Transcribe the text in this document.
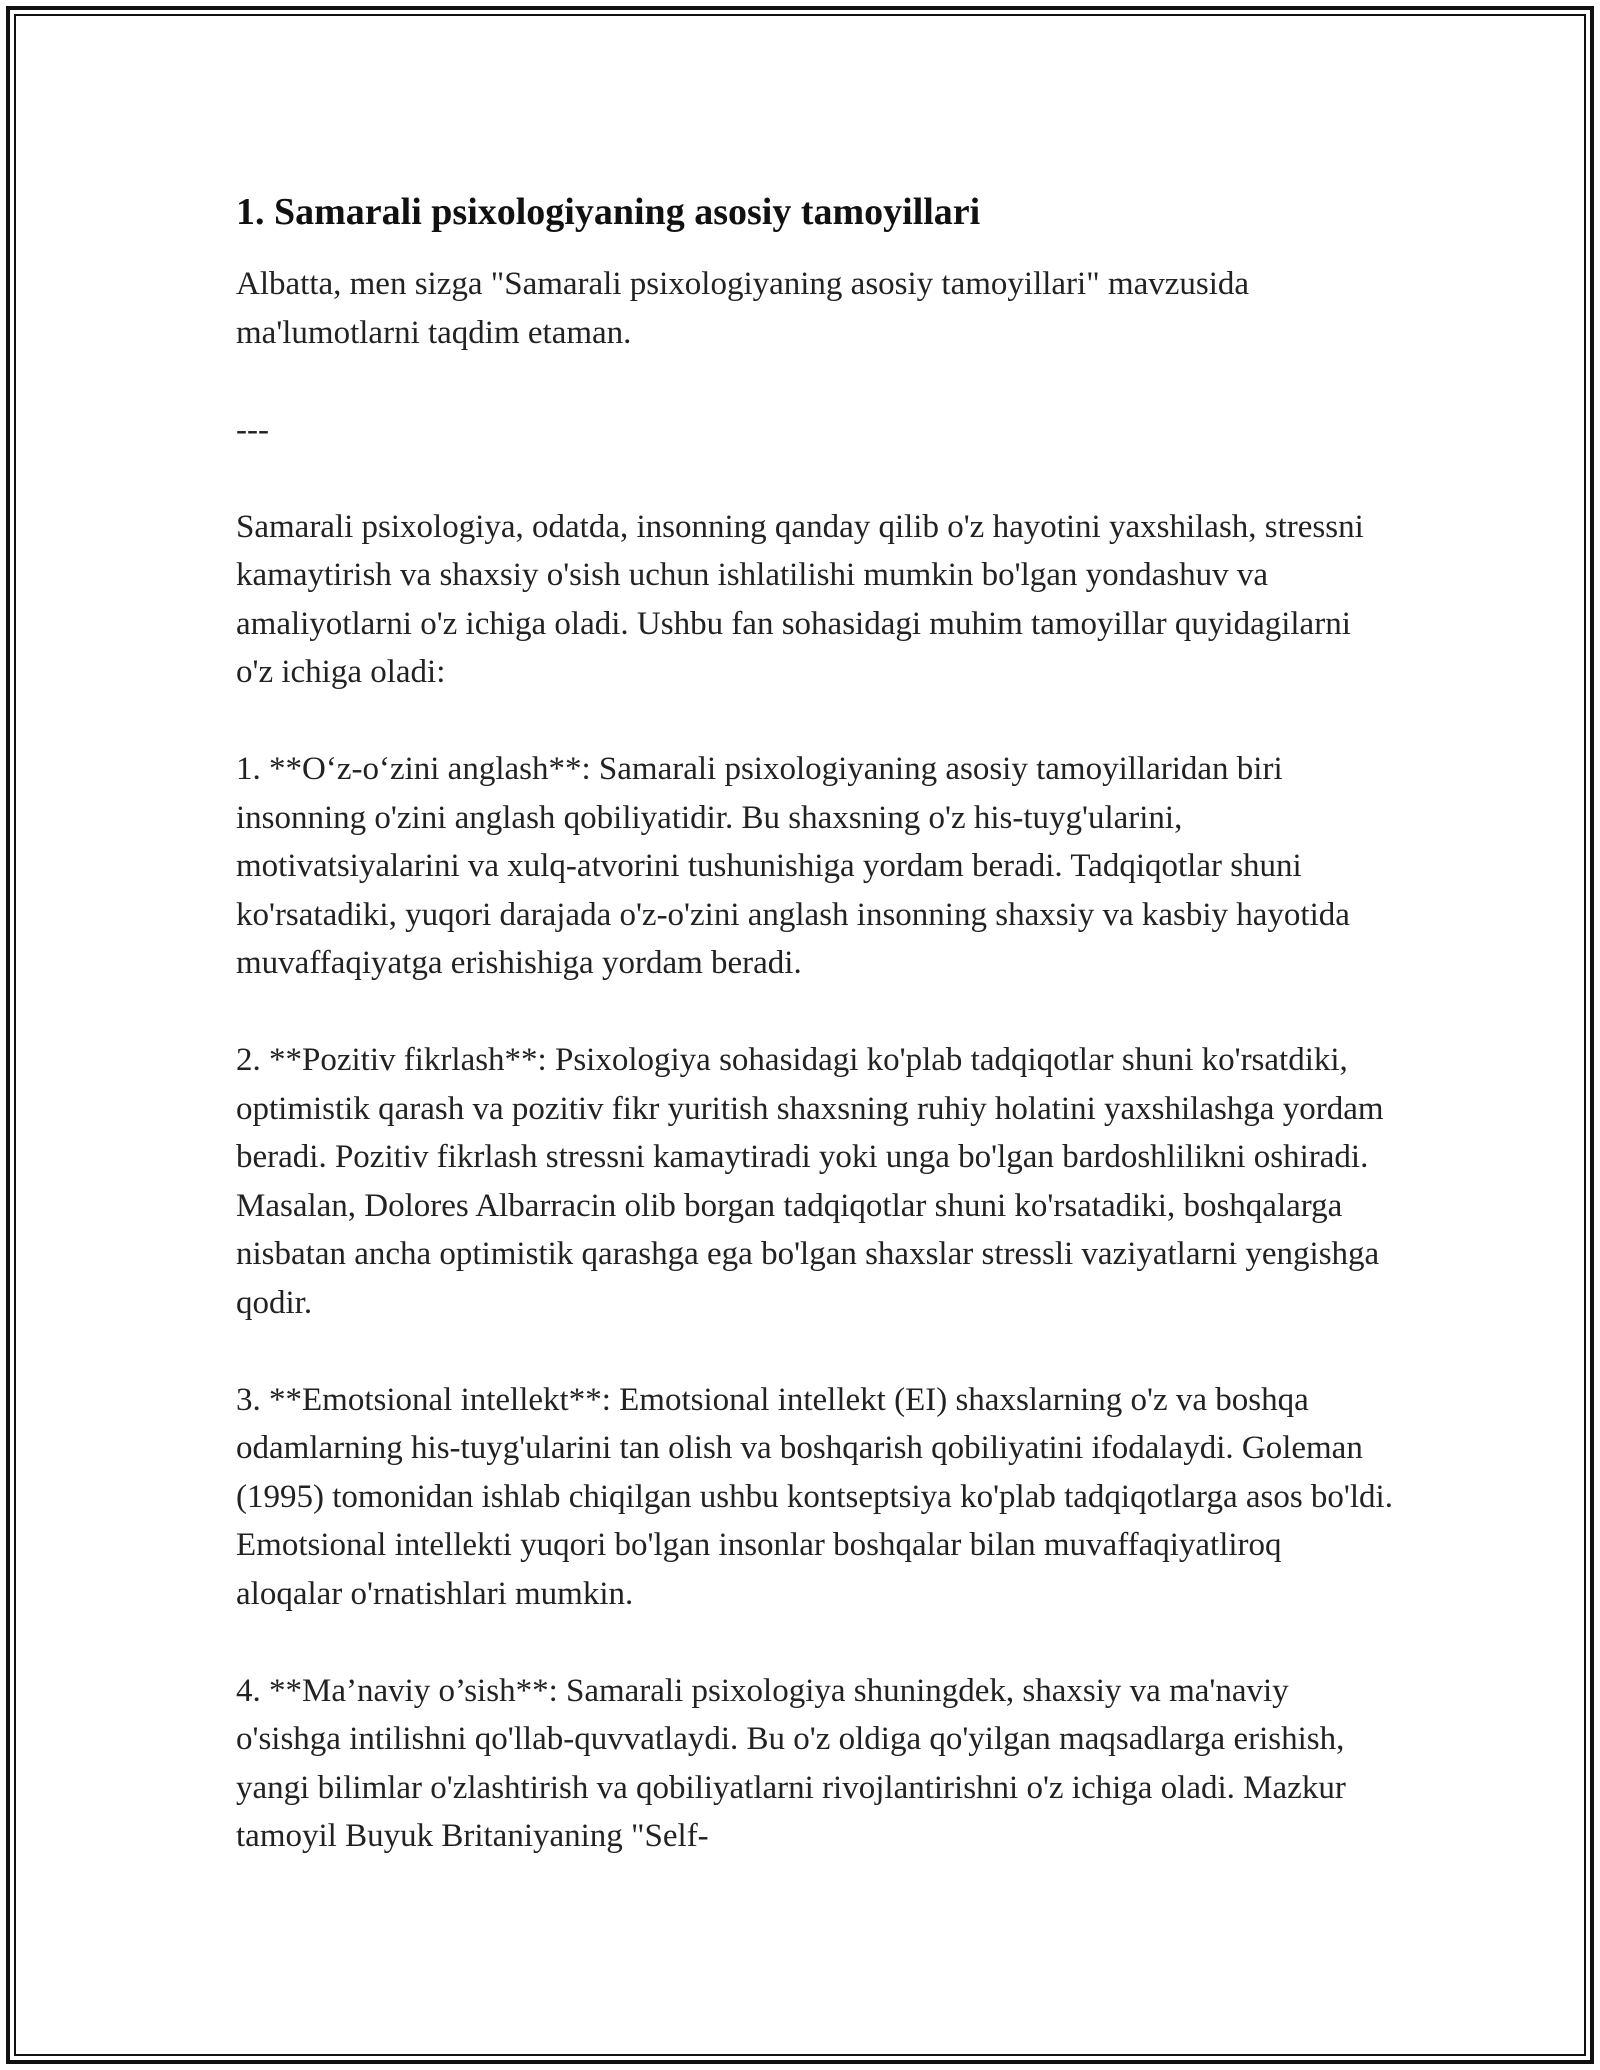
1. Samarali psixologiyaning asosiy tamoyillari

Albatta, men sizga "Samarali psixologiyaning asosiy tamoyillari" mavzusida ma'lumotlarni taqdim etaman.

---

Samarali psixologiya, odatda, insonning qanday qilib o'z hayotini yaxshilash, stressni kamaytirish va shaxsiy o'sish uchun ishlatilishi mumkin bo'lgan yondashuv va amaliyotlarni o'z ichiga oladi. Ushbu fan sohasidagi muhim tamoyillar quyidagilarni o'z ichiga oladi:

1. **O‘z-o‘zini anglash**: Samarali psixologiyaning asosiy tamoyillaridan biri insonning o'zini anglash qobiliyatidir. Bu shaxsning o'z his-tuyg'ularini, motivatsiyalarini va xulq-atvorini tushunishiga yordam beradi. Tadqiqotlar shuni ko'rsatadiki, yuqori darajada o'z-o'zini anglash insonning shaxsiy va kasbiy hayotida muvaffaqiyatga erishishiga yordam beradi.

2. **Pozitiv fikrlash**: Psixologiya sohasidagi ko'plab tadqiqotlar shuni ko'rsatdiki, optimistik qarash va pozitiv fikr yuritish shaxsning ruhiy holatini yaxshilashga yordam beradi. Pozitiv fikrlash stressni kamaytiradi yoki unga bo'lgan bardoshlilikni oshiradi. Masalan, Dolores Albarracin olib borgan tadqiqotlar shuni ko'rsatadiki, boshqalarga nisbatan ancha optimistik qarashga ega bo'lgan shaxslar stressli vaziyatlarni yengishga qodir.

3. **Emotsional intellekt**: Emotsional intellekt (EI) shaxslarning o'z va boshqa odamlarning his-tuyg'ularini tan olish va boshqarish qobiliyatini ifodalaydi. Goleman (1995) tomonidan ishlab chiqilgan ushbu kontseptsiya ko'plab tadqiqotlarga asos bo'ldi. Emotsional intellekti yuqori bo'lgan insonlar boshqalar bilan muvaffaqiyatliroq aloqalar o'rnatishlari mumkin.

4. **Ma’naviy o’sish**: Samarali psixologiya shuningdek, shaxsiy va ma'naviy o'sishga intilishni qo'llab-quvvatlaydi. Bu o'z oldiga qo'yilgan maqsadlarga erishish, yangi bilimlar o'zlashtirish va qobiliyatlarni rivojlantirishni o'z ichiga oladi. Mazkur tamoyil Buyuk Britaniyaning "Self-
